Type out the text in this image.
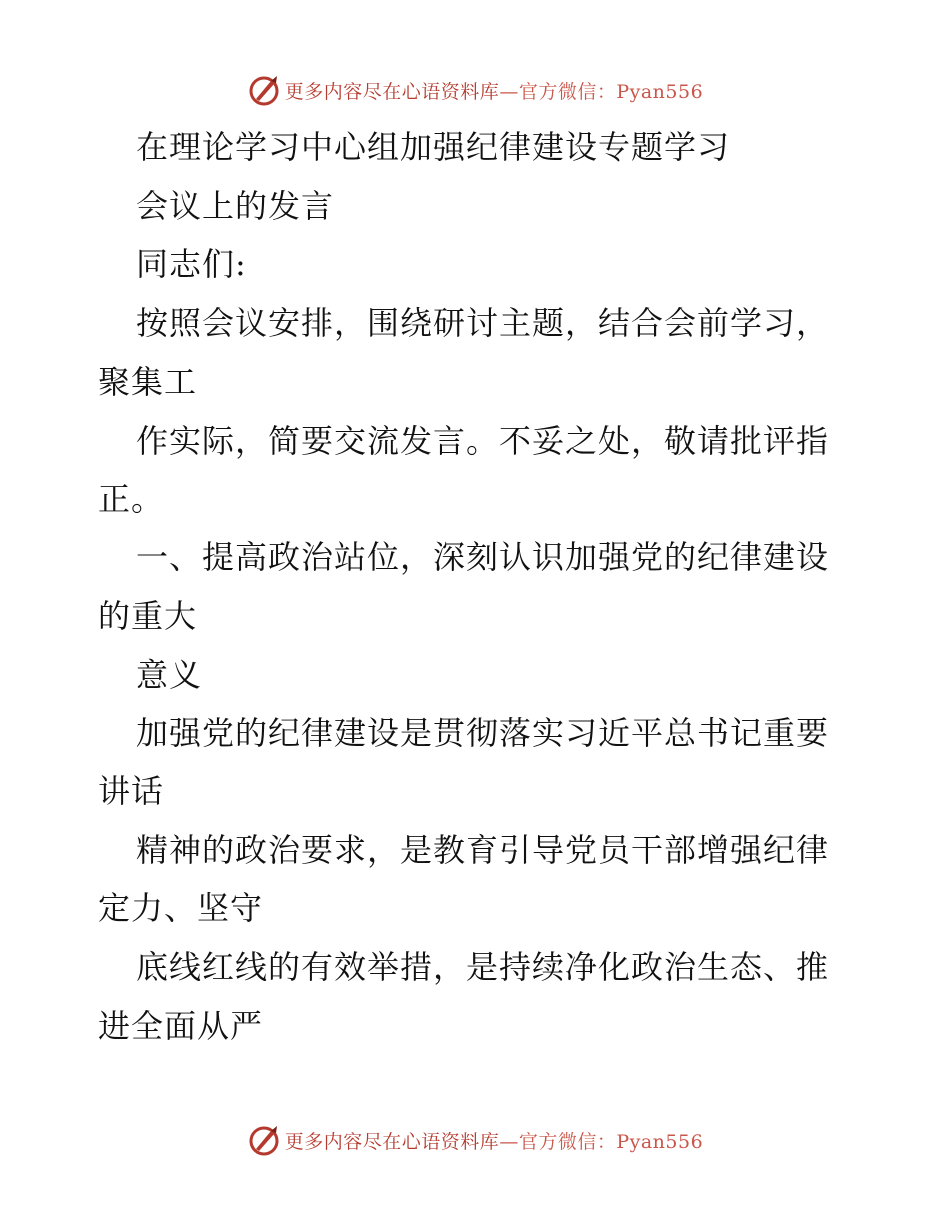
更多内容尽在心语资料库—官方微信：Pyan556
在理论学习中心组加强纪律建设专题学习
会议上的发言
同志们:
按照会议安排，围绕研讨主题，结合会前学习，
聚集工
作实际，简要交流发言。不妥之处，敬请批评指
正。
一、提高政治站位，深刻认识加强党的纪律建设
的重大
意义
加强党的纪律建设是贯彻落实习近平总书记重要
讲话
精神的政治要求，是教育引导党员干部增强纪律
定力、坚守
底线红线的有效举措，是持续净化政治生态、推
进全面从严
更多内容尽在心语资料库—官方微信：Pyan556
